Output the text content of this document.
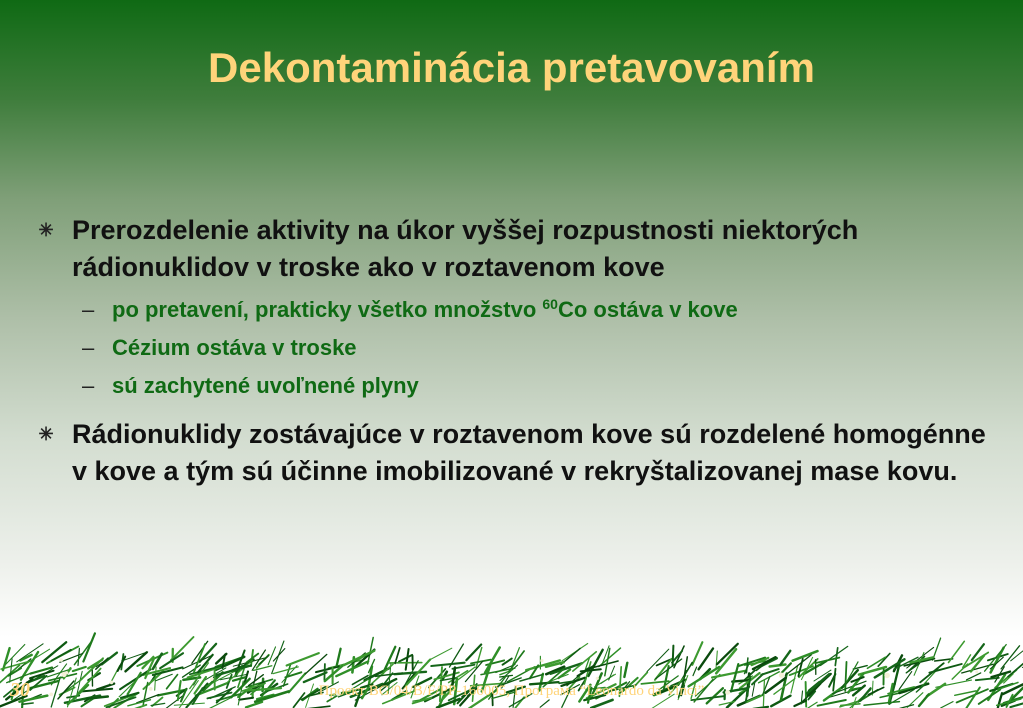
Dekontaminácia pretavovaním
✳ Prerozdelenie aktivity na úkor vyššej rozpustnosti niektorých rádionuklidov v troske ako v roztavenom kove
– po pretavení, prakticky všetko množstvo $^{60}$Co ostáva v kove
– Cézium ostáva v troske
– sú zachytené uvoľnené plyny
✳ Rádionuklidy zostávajúce v roztavenom kove sú rozdelené homogénne v kove a tým sú účinne imobilizované v rekryštalizovanej mase kovu.
30	Проект BG/04/B/F/PP-166005, Програма “Leonardo da Vinci”
